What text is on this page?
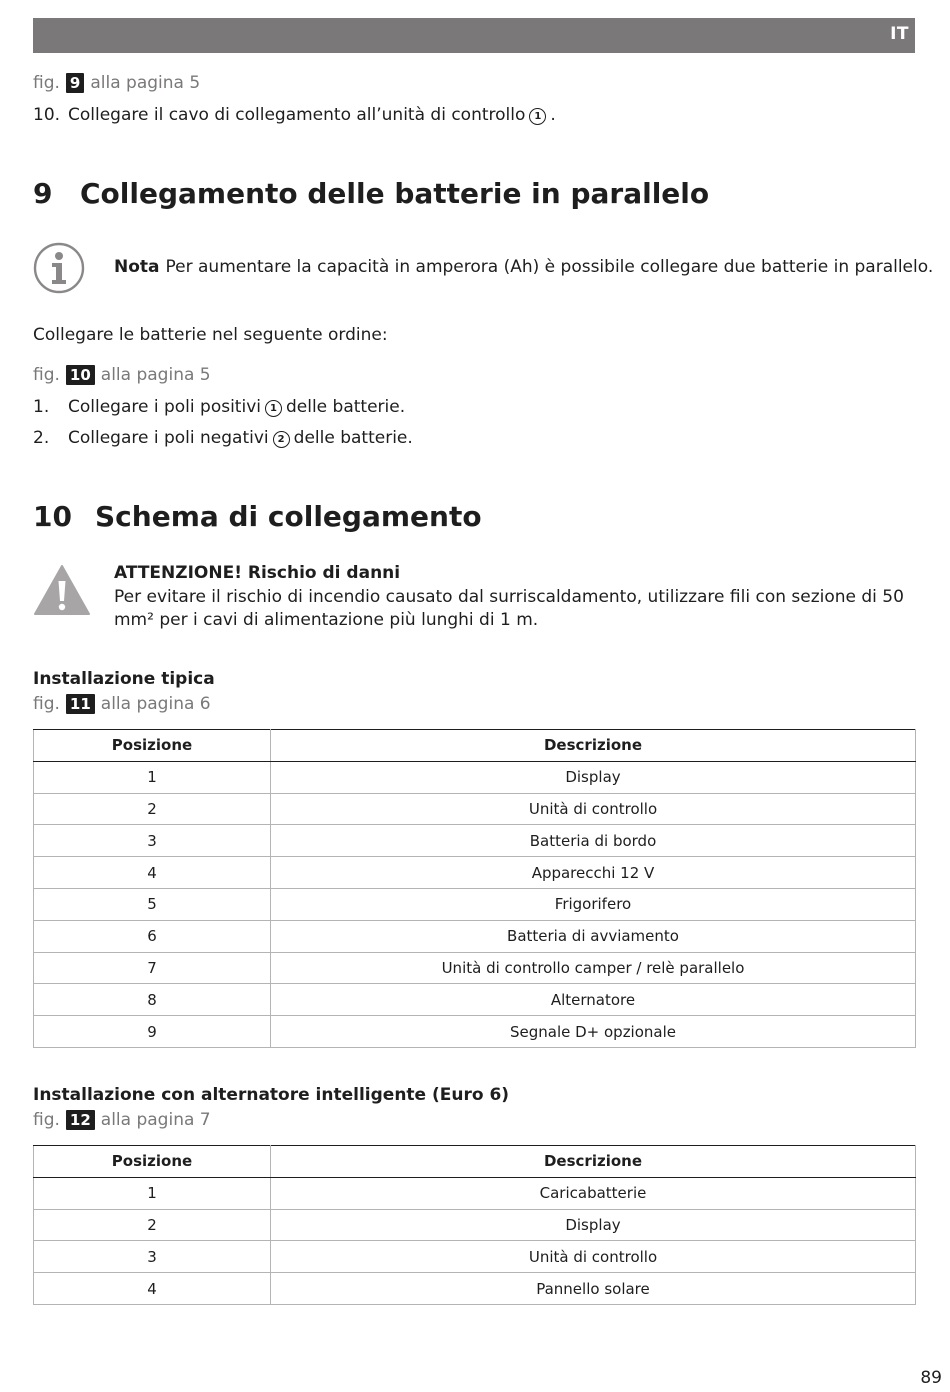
IT
fig. 9 alla pagina 5
10. Collegare il cavo di collegamento all’unità di controllo 1 .
9 Collegamento delle batterie in parallelo
Nota Per aumentare la capacità in amperora (Ah) è possibile collegare due batterie in parallelo.
Collegare le batterie nel seguente ordine:
fig. 10 alla pagina 5
1.	Collegare i poli positivi 1 delle batterie.
2.	Collegare i poli negativi 2 delle batterie.
10 Schema di collegamento
ATTENZIONE! Rischio di danni
Per evitare il rischio di incendio causato dal surriscaldamento, utilizzare fili con sezione di 50 mm² per i cavi di alimentazione più lunghi di 1 m.
Installazione tipica
fig. 11 alla pagina 6
Posizione	Descrizione
1	Display
2	Unità di controllo
3	Batteria di bordo
4	Apparecchi 12 V
5	Frigorifero
6	Batteria di avviamento
7	Unità di controllo camper / relè parallelo
8	Alternatore
9	Segnale D+ opzionale
Installazione con alternatore intelligente (Euro 6)
fig. 12 alla pagina 7
Posizione	Descrizione
1	Caricabatterie
2	Display
3	Unità di controllo
4	Pannello solare
89
